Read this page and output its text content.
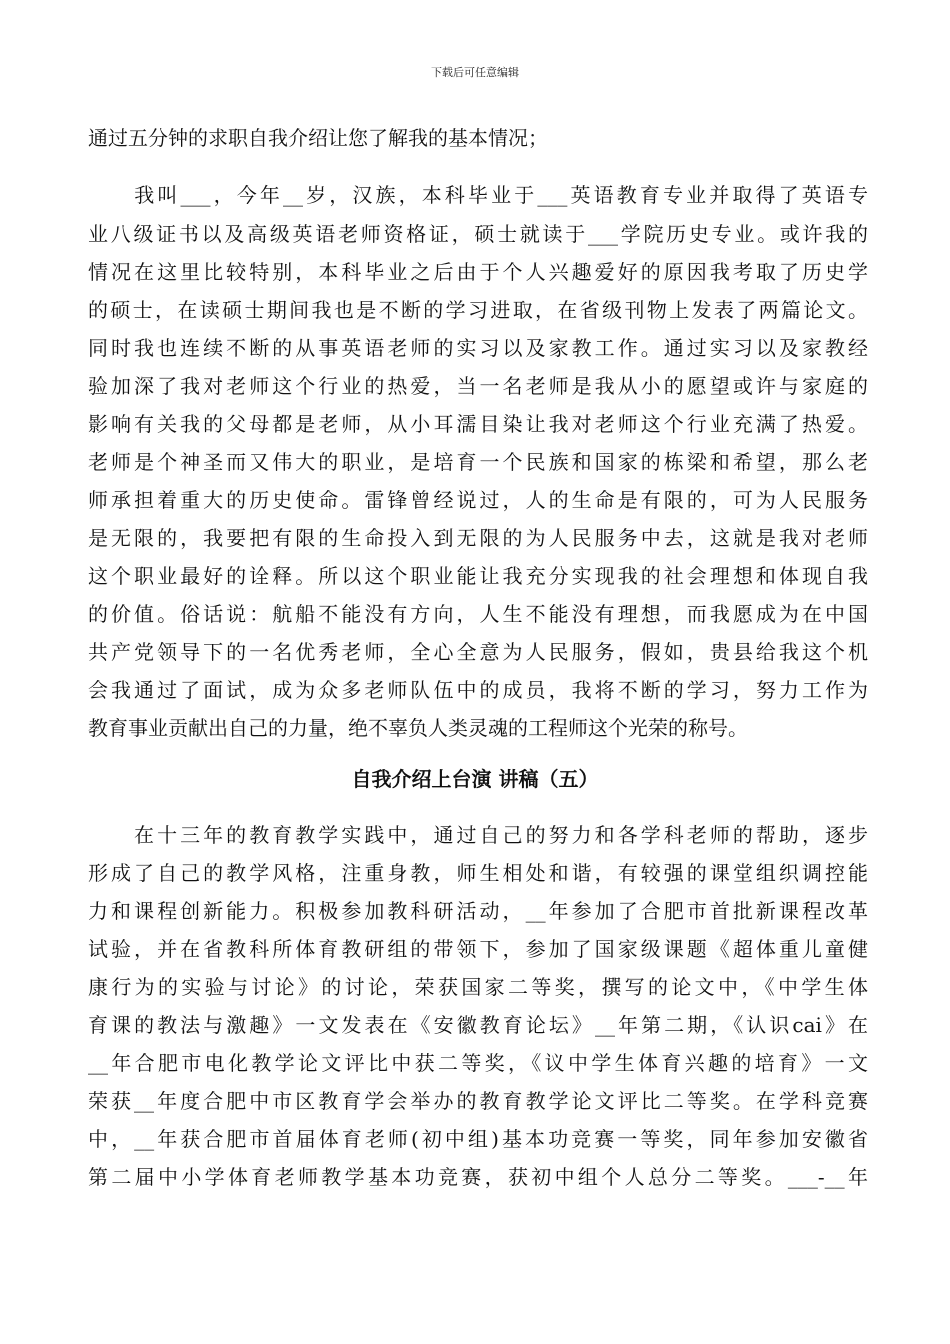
下载后可任意编辑
通过五分钟的求职自我介绍让您了解我的基本情况；
　　我叫___，今年__岁，汉族，本科毕业于___英语教育专业并取得了英语专
业八级证书以及高级英语老师资格证，硕士就读于___学院历史专业。或许我的
情况在这里比较特别，本科毕业之后由于个人兴趣爱好的原因我考取了历史学
的硕士，在读硕士期间我也是不断的学习进取，在省级刊物上发表了两篇论文。
同时我也连续不断的从事英语老师的实习以及家教工作。通过实习以及家教经
验加深了我对老师这个行业的热爱，当一名老师是我从小的愿望或许与家庭的
影响有关我的父母都是老师，从小耳濡目染让我对老师这个行业充满了热爱。
老师是个神圣而又伟大的职业，是培育一个民族和国家的栋梁和希望，那么老
师承担着重大的历史使命。雷锋曾经说过，人的生命是有限的，可为人民服务
是无限的，我要把有限的生命投入到无限的为人民服务中去，这就是我对老师
这个职业最好的诠释。所以这个职业能让我充分实现我的社会理想和体现自我
的价值。俗话说：航船不能没有方向，人生不能没有理想，而我愿成为在中国
共产党领导下的一名优秀老师，全心全意为人民服务，假如，贵县给我这个机
会我通过了面试，成为众多老师队伍中的成员，我将不断的学习，努力工作为
教育事业贡献出自己的力量，绝不辜负人类灵魂的工程师这个光荣的称号。
自我介绍上台演 讲稿（五）
　　在十三年的教育教学实践中，通过自己的努力和各学科老师的帮助，逐步
形成了自己的教学风格，注重身教，师生相处和谐，有较强的课堂组织调控能
力和课程创新能力。积极参加教科研活动，__年参加了合肥市首批新课程改革
试验，并在省教科所体育教研组的带领下，参加了国家级课题《超体重儿童健
康行为的实验与讨论》的讨论，荣获国家二等奖，撰写的论文中，《中学生体
育课的教法与激趣》一文发表在《安徽教育论坛》__年第二期，《认识cai》在
__年合肥市电化教学论文评比中获二等奖，《议中学生体育兴趣的培育》一文
荣获__年度合肥中市区教育学会举办的教育教学论文评比二等奖。在学科竞赛
中，__年获合肥市首届体育老师(初中组)基本功竞赛一等奖，同年参加安徽省
第二届中小学体育老师教学基本功竞赛，获初中组个人总分二等奖。___-__年
